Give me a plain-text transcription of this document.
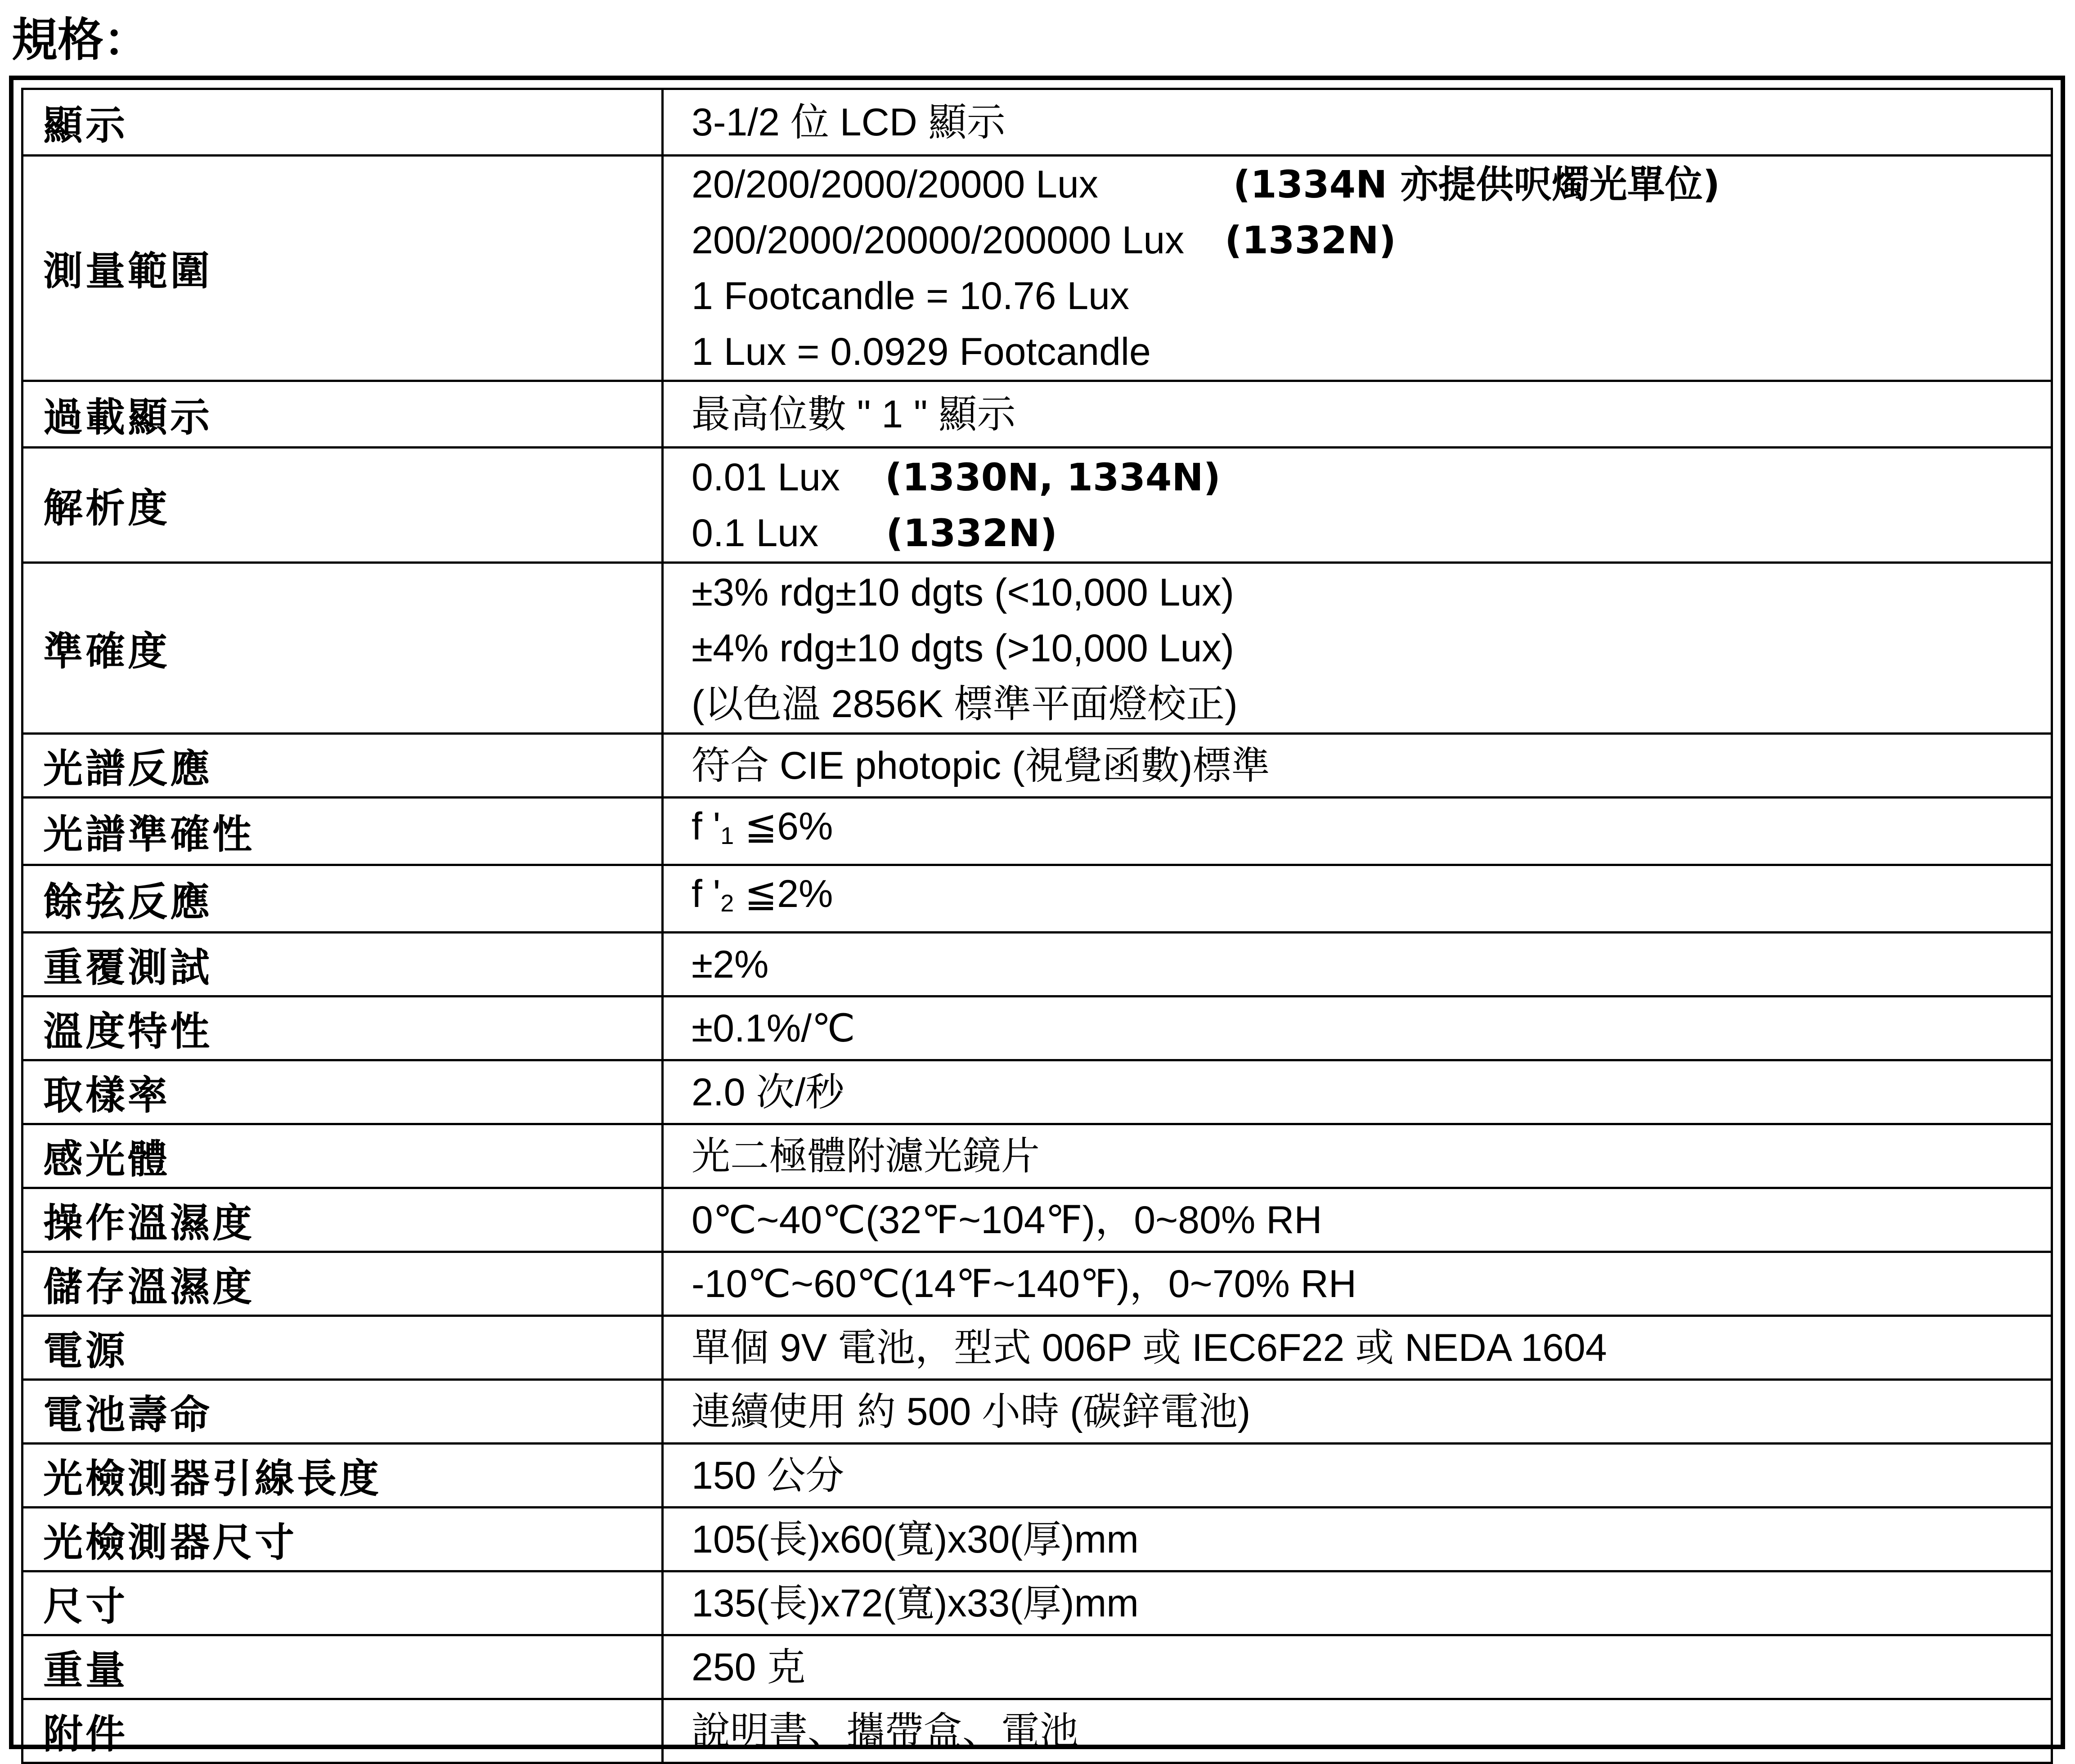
規格：
顯示	3-1/2 位 LCD 顯示

測量範圍	20/200/2000/20000 Lux (1334N 亦提供呎燭光單位)
200/2000/20000/200000 Lux (1332N)
1 Footcandle = 10.76 Lux
1 Lux = 0.0929 Footcandle

過載顯示	最高位數 " 1 " 顯示

解析度	0.01 Lux (1330N, 1334N)
0.1 Lux (1332N)

準確度	±3% rdg±10 dgts (<10,000 Lux)
±4% rdg±10 dgts (>10,000 Lux)
(以色溫 2856K 標準平面燈校正)

光譜反應	符合 CIE photopic (視覺函數)標準

光譜準確性	f '1 ≦6%

餘弦反應	f '2 ≦2%

重覆測試	±2%

溫度特性	±0.1%/℃

取樣率	2.0 次/秒

感光體	光二極體附濾光鏡片

操作溫濕度	0℃~40℃(32℉~104℉)，0~80% RH

儲存溫濕度	-10℃~60℃(14℉~140℉)，0~70% RH

電源	單個 9V 電池，型式 006P 或 IEC6F22 或 NEDA 1604

電池壽命	連續使用 約 500 小時 (碳鋅電池)

光檢測器引線長度	150 公分

光檢測器尺寸	105(長)x60(寬)x30(厚)mm

尺寸	135(長)x72(寬)x33(厚)mm

重量	250 克

附件	說明書、攜帶盒、電池
